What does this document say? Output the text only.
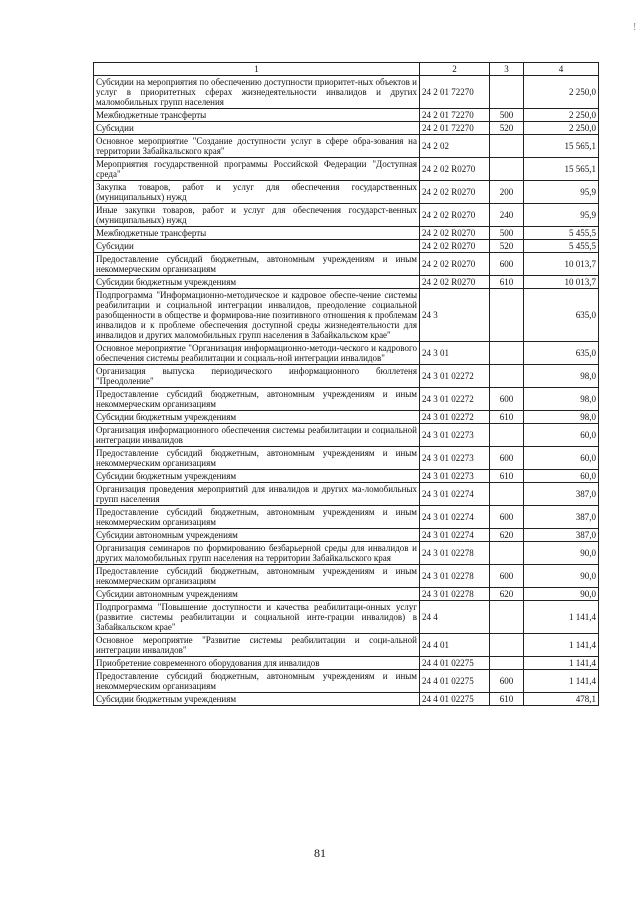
1	2	3	4
Субсидии на мероприятия по обеспечению доступности приоритет-ных объектов и услуг в приоритетных сферах жизнедеятельности инвалидов и других маломобильных групп населения	24 2 01 72270		2 250,0
Межбюджетные трансферты	24 2 01 72270	500	2 250,0
Субсидии	24 2 01 72270	520	2 250,0
Основное мероприятие "Создание доступности услуг в сфере обра-зования на территории Забайкальского края"	24 2 02		15 565,1
Мероприятия государственной программы Российской Федерации "Доступная среда"	24 2 02 R0270		15 565,1
Закупка товаров, работ и услуг для обеспечения государственных (муниципальных) нужд	24 2 02 R0270	200	95,9
Иные закупки товаров, работ и услуг для обеспечения государст-венных (муниципальных) нужд	24 2 02 R0270	240	95,9
Межбюджетные трансферты	24 2 02 R0270	500	5 455,5
Субсидии	24 2 02 R0270	520	5 455,5
Предоставление субсидий бюджетным, автономным учреждениям и иным некоммерческим организациям	24 2 02 R0270	600	10 013,7
Субсидии бюджетным учреждениям	24 2 02 R0270	610	10 013,7
Подпрограмма "Информационно-методическое и кадровое обеспе-чение системы реабилитации и социальной интеграции инвалидов, преодоление социальной разобщенности в обществе и формирова-ние позитивного отношения к проблемам инвалидов и к проблеме обеспечения доступной среды жизнедеятельности для инвалидов и других маломобильных групп населения в Забайкальском крае"	24 3		635,0
Основное мероприятие "Организация информационно-методи-ческого и кадрового обеспечения системы реабилитации и социаль-ной интеграции инвалидов"	24 3 01		635,0
Организация выпуска периодического информационного бюллетеня "Преодоление"	24 3 01 02272		98,0
Предоставление субсидий бюджетным, автономным учреждениям и иным некоммерческим организациям	24 3 01 02272	600	98,0
Субсидии бюджетным учреждениям	24 3 01 02272	610	98,0
Организация информационного обеспечения системы реабилитации и социальной интеграции инвалидов	24 3 01 02273		60,0
Предоставление субсидий бюджетным, автономным учреждениям и иным некоммерческим организациям	24 3 01 02273	600	60,0
Субсидии бюджетным учреждениям	24 3 01 02273	610	60,0
Организация проведения мероприятий для инвалидов и других ма-ломобильных групп населения	24 3 01 02274		387,0
Предоставление субсидий бюджетным, автономным учреждениям и иным некоммерческим организациям	24 3 01 02274	600	387,0
Субсидии автономным учреждениям	24 3 01 02274	620	387,0
Организация семинаров по формированию безбарьерной среды для инвалидов и других маломобильных групп населения на территории Забайкальского края	24 3 01 02278		90,0
Предоставление субсидий бюджетным, автономным учреждениям и иным некоммерческим организациям	24 3 01 02278	600	90,0
Субсидии автономным учреждениям	24 3 01 02278	620	90,0
Подпрограмма "Повышение доступности и качества реабилитаци-онных услуг (развитие системы реабилитации и социальной инте-грации инвалидов) в Забайкальском крае"	24 4		1 141,4
Основное мероприятие "Развитие системы реабилитации и соци-альной интеграции инвалидов"	24 4 01		1 141,4
Приобретение современного оборудования для инвалидов	24 4 01 02275		1 141,4
Предоставление субсидий бюджетным, автономным учреждениям и иным некоммерческим организациям	24 4 01 02275	600	1 141,4
Субсидии бюджетным учреждениям	24 4 01 02275	610	478,1
81
!
